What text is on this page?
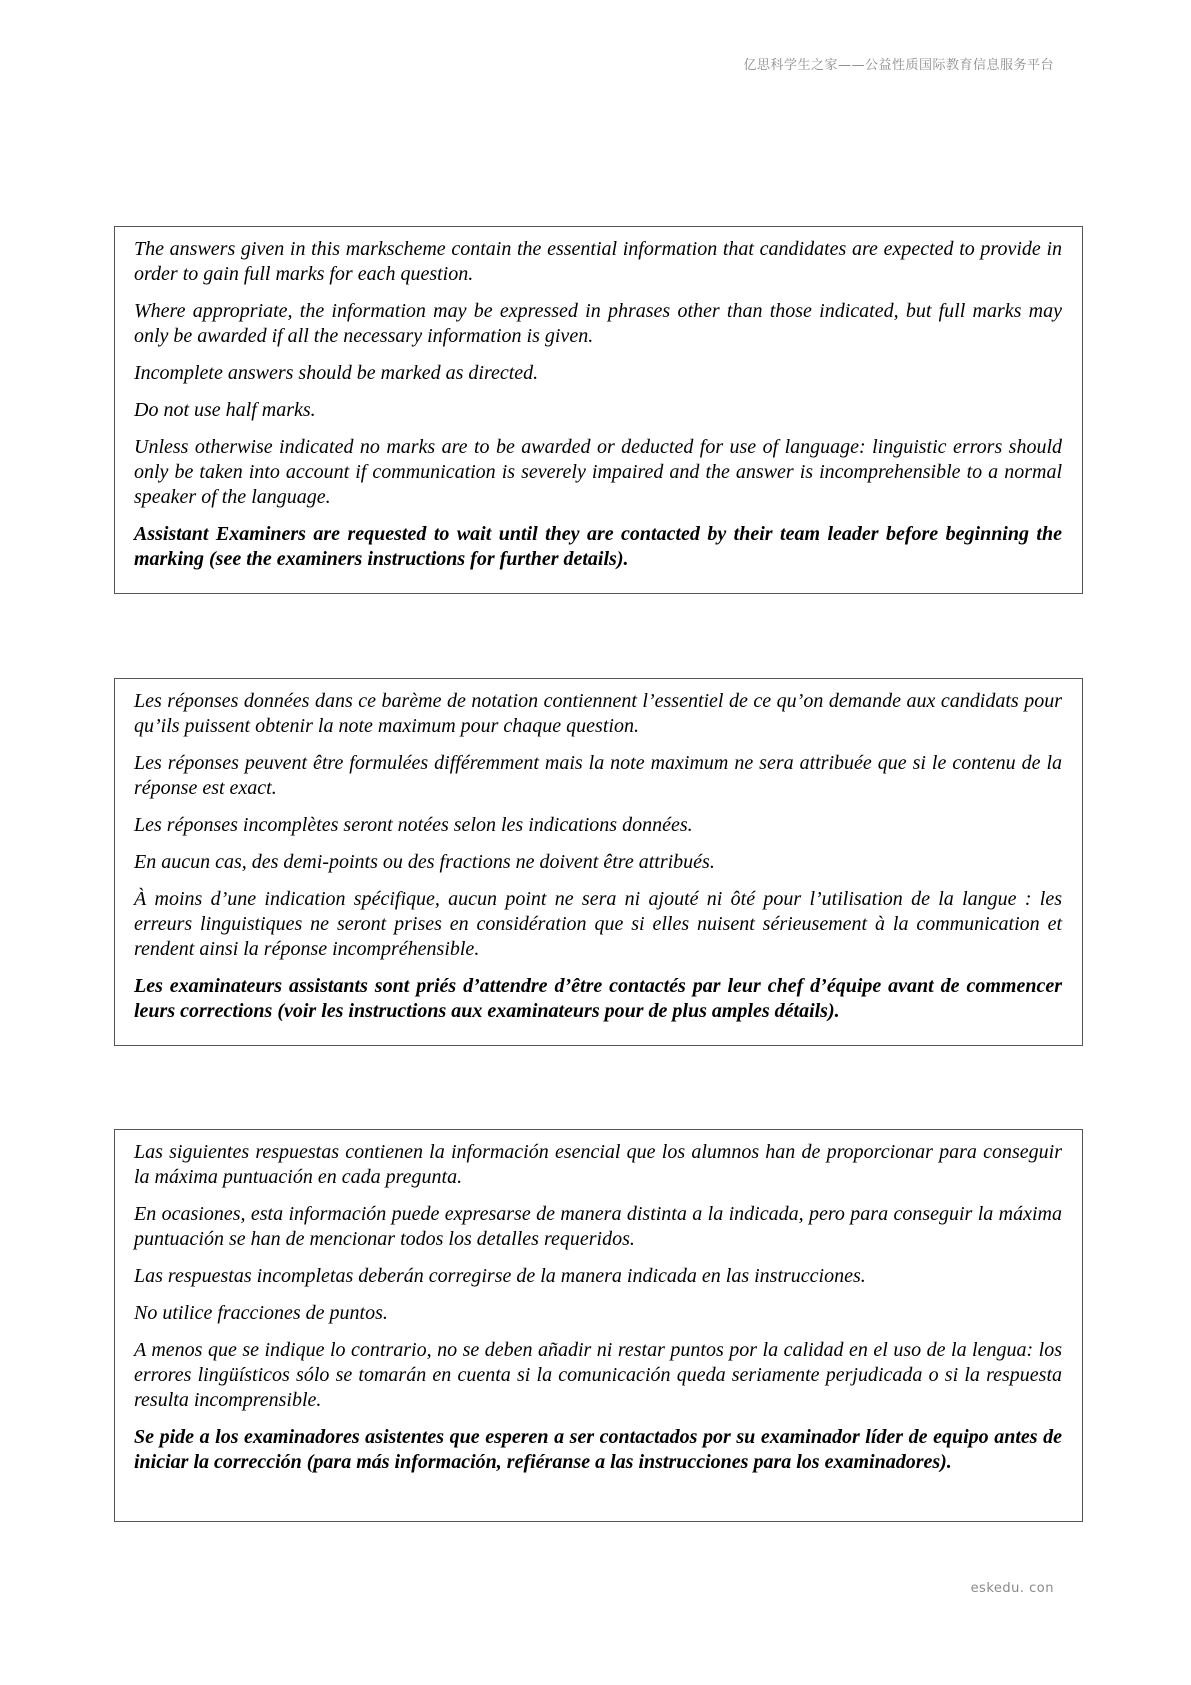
亿思科学生之家——公益性质国际教育信息服务平台

The answers given in this markscheme contain the essential information that candidates are expected to provide in order to gain full marks for each question.

Where appropriate, the information may be expressed in phrases other than those indicated, but full marks may only be awarded if all the necessary information is given.

Incomplete answers should be marked as directed.

Do not use half marks.

Unless otherwise indicated no marks are to be awarded or deducted for use of language: linguistic errors should only be taken into account if communication is severely impaired and the answer is incomprehensible to a normal speaker of the language.

Assistant Examiners are requested to wait until they are contacted by their team leader before beginning the marking (see the examiners instructions for further details).

Les réponses données dans ce barème de notation contiennent l’essentiel de ce qu’on demande aux candidats pour qu’ils puissent obtenir la note maximum pour chaque question.

Les réponses peuvent être formulées différemment mais la note maximum ne sera attribuée que si le contenu de la réponse est exact.

Les réponses incomplètes seront notées selon les indications données.

En aucun cas, des demi-points ou des fractions ne doivent être attribués.

À moins d’une indication spécifique, aucun point ne sera ni ajouté ni ôté pour l’utilisation de la langue : les erreurs linguistiques ne seront prises en considération que si elles nuisent sérieusement à la communication et rendent ainsi la réponse incompréhensible.

Les examinateurs assistants sont priés d’attendre d’être contactés par leur chef d’équipe avant de commencer leurs corrections (voir les instructions aux examinateurs pour de plus amples détails).

Las siguientes respuestas contienen la información esencial que los alumnos han de proporcionar para conseguir la máxima puntuación en cada pregunta.

En ocasiones, esta información puede expresarse de manera distinta a la indicada, pero para conseguir la máxima puntuación se han de mencionar todos los detalles requeridos.

Las respuestas incompletas deberán corregirse de la manera indicada en las instrucciones.

No utilice fracciones de puntos.

A menos que se indique lo contrario, no se deben añadir ni restar puntos por la calidad en el uso de la lengua: los errores lingüísticos sólo se tomarán en cuenta si la comunicación queda seriamente perjudicada o si la respuesta resulta incomprensible.

Se pide a los examinadores asistentes que esperen a ser contactados por su examinador líder de equipo antes de iniciar la corrección (para más información, refiéranse a las instrucciones para los examinadores).

eskedu. con
